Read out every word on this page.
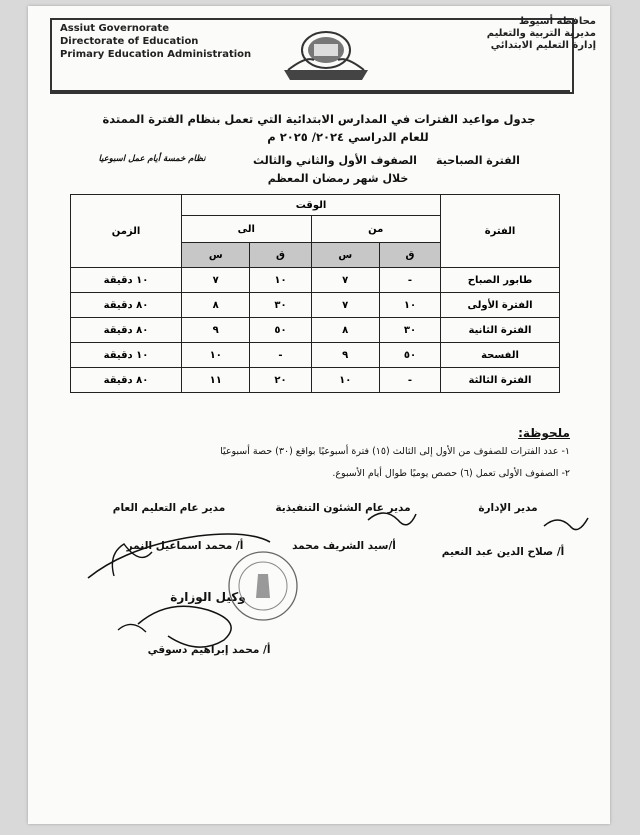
Assiut Governorate
Directorate of Education
Primary Education Administration
محافظة أسيوط
مديرية التربية والتعليم
إدارة التعليم الابتدائي
جدول مواعيد الفترات في المدارس الابتدائية التي تعمل بنظام الفترة الممتدة
للعام الدراسي ٢٠٢٤/ ٢٠٢٥ م
الفترة الصباحية
الصفوف الأول والثاني والثالث
نظام خمسة أيام عمل اسبوعيا
خلال شهر رمضان المعظم
الفترة	الوقت				الزمن
	من		الى		
	ق	س	ق	س	
طابور الصباح	-	٧	١٠	٧	١٠ دقيقة
الفترة الأولى	١٠	٧	٣٠	٨	٨٠ دقيقة
الفترة الثانية	٣٠	٨	٥٠	٩	٨٠ دقيقة
الفسحة	٥٠	٩	-	١٠	١٠ دقيقة
الفترة الثالثة	-	١٠	٢٠	١١	٨٠ دقيقة
ملحوظة:
١- عدد الفترات للصفوف من الأول إلى الثالث (١٥) فترة أسبوعيًا بواقع (٣٠) حصة أسبوعيًا
٢- الصفوف الأولى تعمل (٦) حصص يوميًا طوال أيام الأسبوع.
مدير الإدارة
مدير عام الشئون التنفيذية
مدير عام التعليم العام
أ/ صلاح الدين عبد النعيم
أ/سيد الشريف محمد
أ/ محمد اسماعيل النمر
وكيل الوزارة
أ/ محمد إبراهيم دسوقي
